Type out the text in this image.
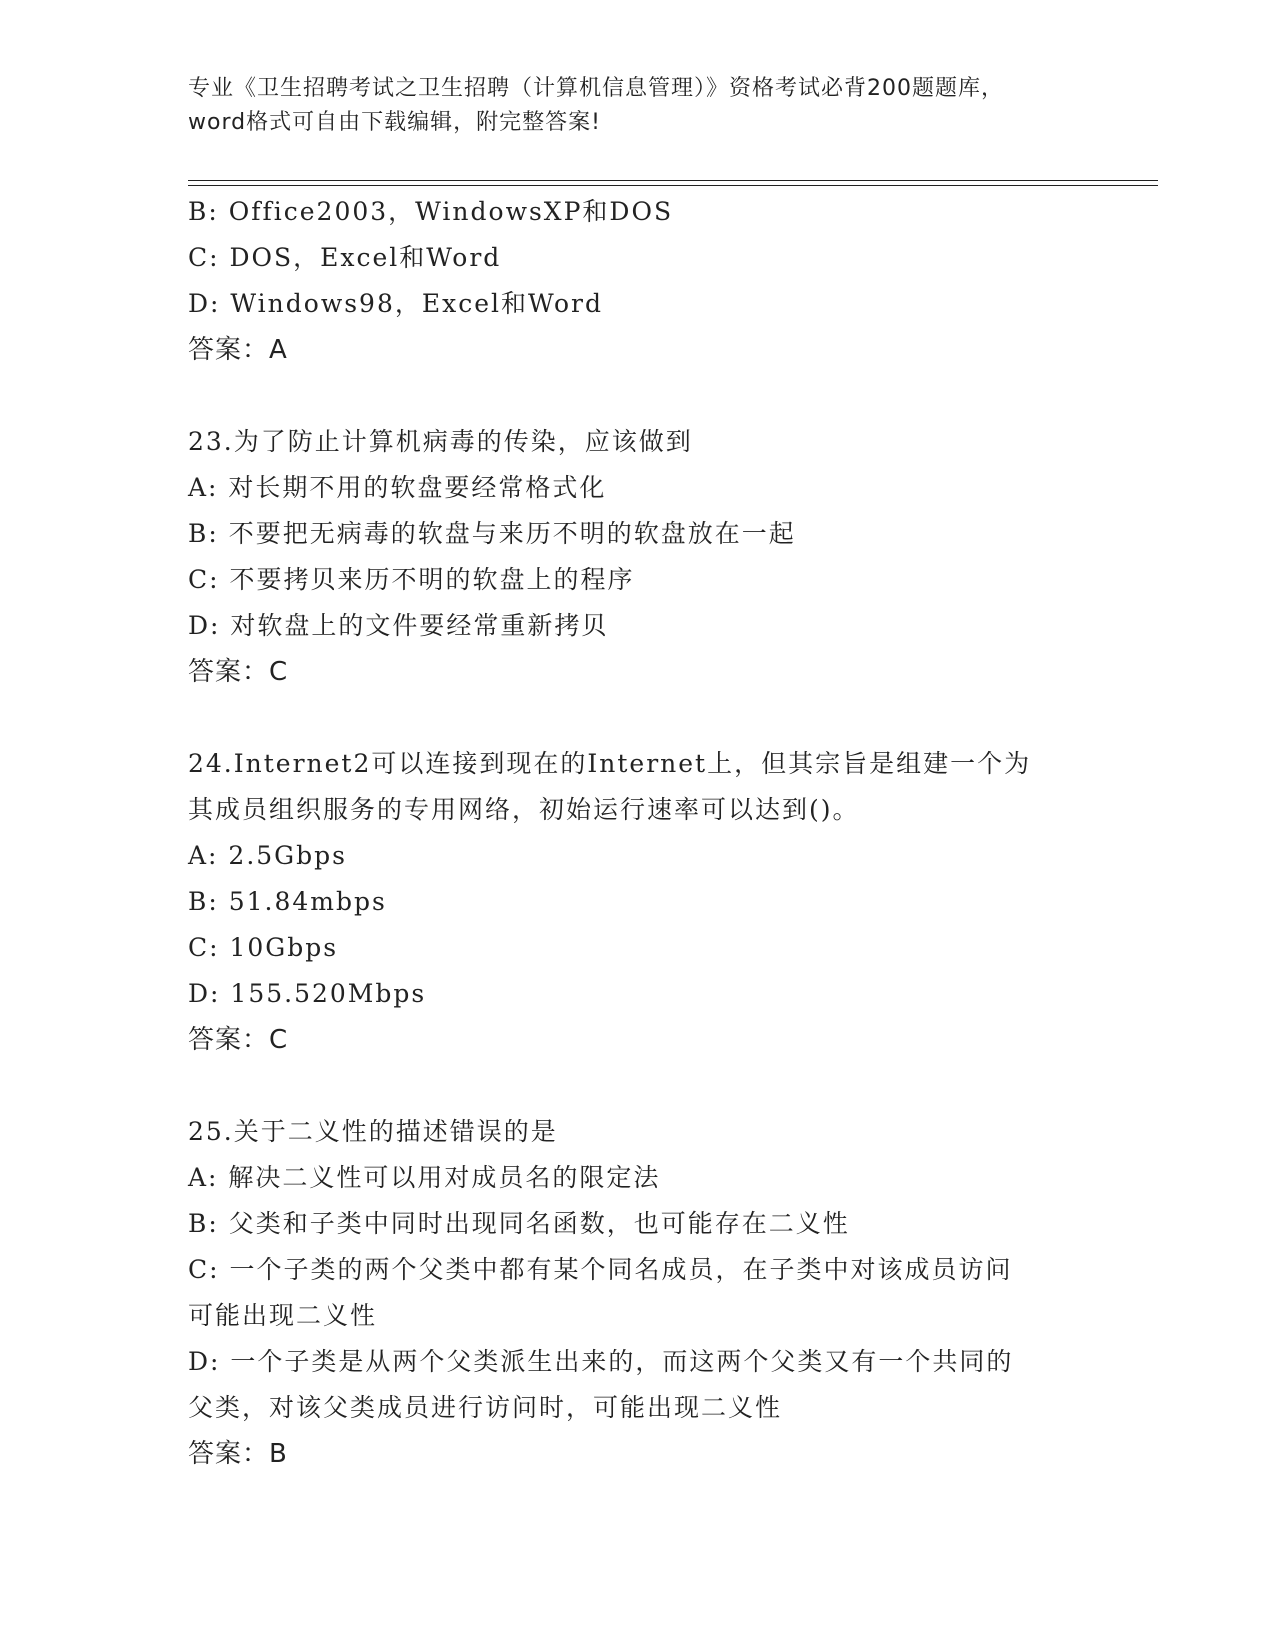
专业《卫生招聘考试之卫生招聘（计算机信息管理）》资格考试必背200题题库，
word格式可自由下载编辑，附完整答案!
B: Office2003，WindowsXP和DOS
C: DOS，Excel和Word
D: Windows98，Excel和Word
答案：A
23.为了防止计算机病毒的传染，应该做到
A: 对长期不用的软盘要经常格式化
B: 不要把无病毒的软盘与来历不明的软盘放在一起
C: 不要拷贝来历不明的软盘上的程序
D: 对软盘上的文件要经常重新拷贝
答案：C
24.Internet2可以连接到现在的Internet上，但其宗旨是组建一个为
其成员组织服务的专用网络，初始运行速率可以达到()。
A: 2.5Gbps
B: 51.84mbps
C: 10Gbps
D: 155.520Mbps
答案：C
25.关于二义性的描述错误的是
A: 解决二义性可以用对成员名的限定法
B: 父类和子类中同时出现同名函数，也可能存在二义性
C: 一个子类的两个父类中都有某个同名成员，在子类中对该成员访问
可能出现二义性
D: 一个子类是从两个父类派生出来的，而这两个父类又有一个共同的
父类，对该父类成员进行访问时，可能出现二义性
答案：B
